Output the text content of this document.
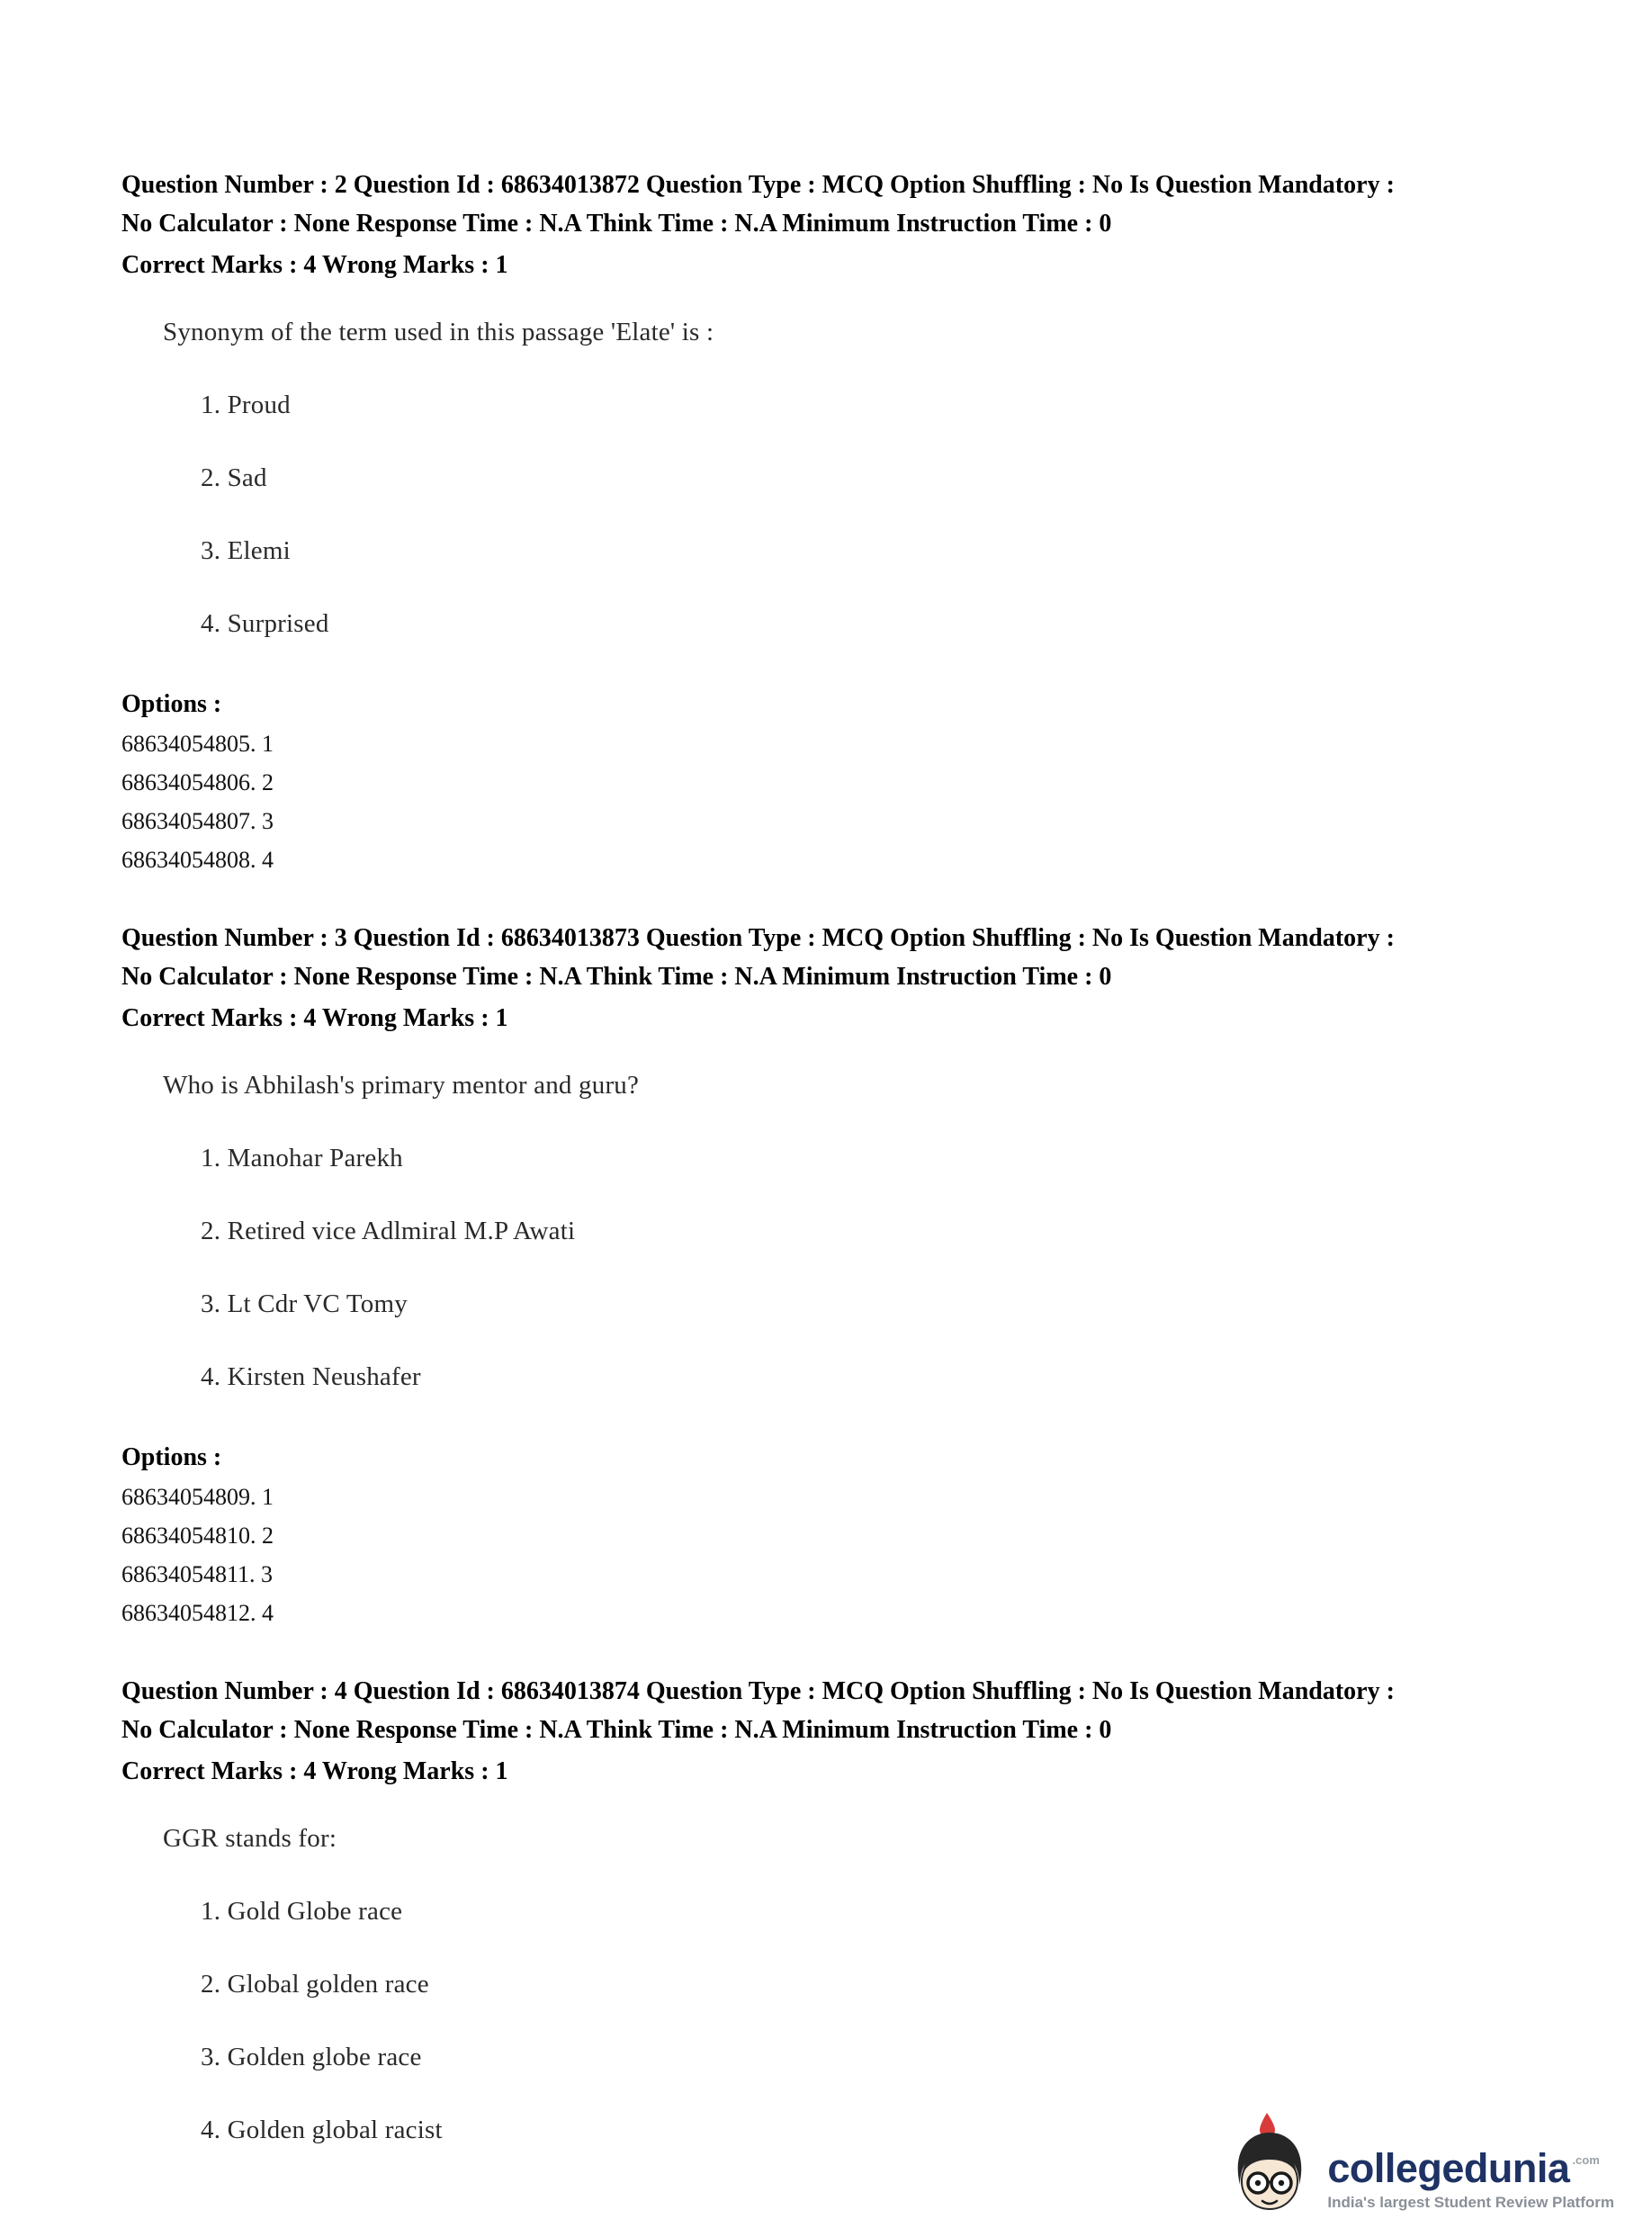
Question Number : 2 Question Id : 68634013872 Question Type : MCQ Option Shuffling : No Is Question Mandatory :
No Calculator : None Response Time : N.A Think Time : N.A Minimum Instruction Time : 0
Correct Marks : 4 Wrong Marks : 1
Synonym of the term used in this passage 'Elate' is :
1. Proud
2. Sad
3. Elemi
4. Surprised
Options :
68634054805. 1
68634054806. 2
68634054807. 3
68634054808. 4
Question Number : 3 Question Id : 68634013873 Question Type : MCQ Option Shuffling : No Is Question Mandatory :
No Calculator : None Response Time : N.A Think Time : N.A Minimum Instruction Time : 0
Correct Marks : 4 Wrong Marks : 1
Who is Abhilash's primary mentor and guru?
1. Manohar Parekh
2. Retired vice Adlmiral M.P Awati
3. Lt Cdr VC Tomy
4. Kirsten Neushafer
Options :
68634054809. 1
68634054810. 2
68634054811. 3
68634054812. 4
Question Number : 4 Question Id : 68634013874 Question Type : MCQ Option Shuffling : No Is Question Mandatory :
No Calculator : None Response Time : N.A Think Time : N.A Minimum Instruction Time : 0
Correct Marks : 4 Wrong Marks : 1
GGR stands for:
1. Gold Globe race
2. Global golden race
3. Golden globe race
4. Golden global racist
collegedunia .com
India's largest Student Review Platform
